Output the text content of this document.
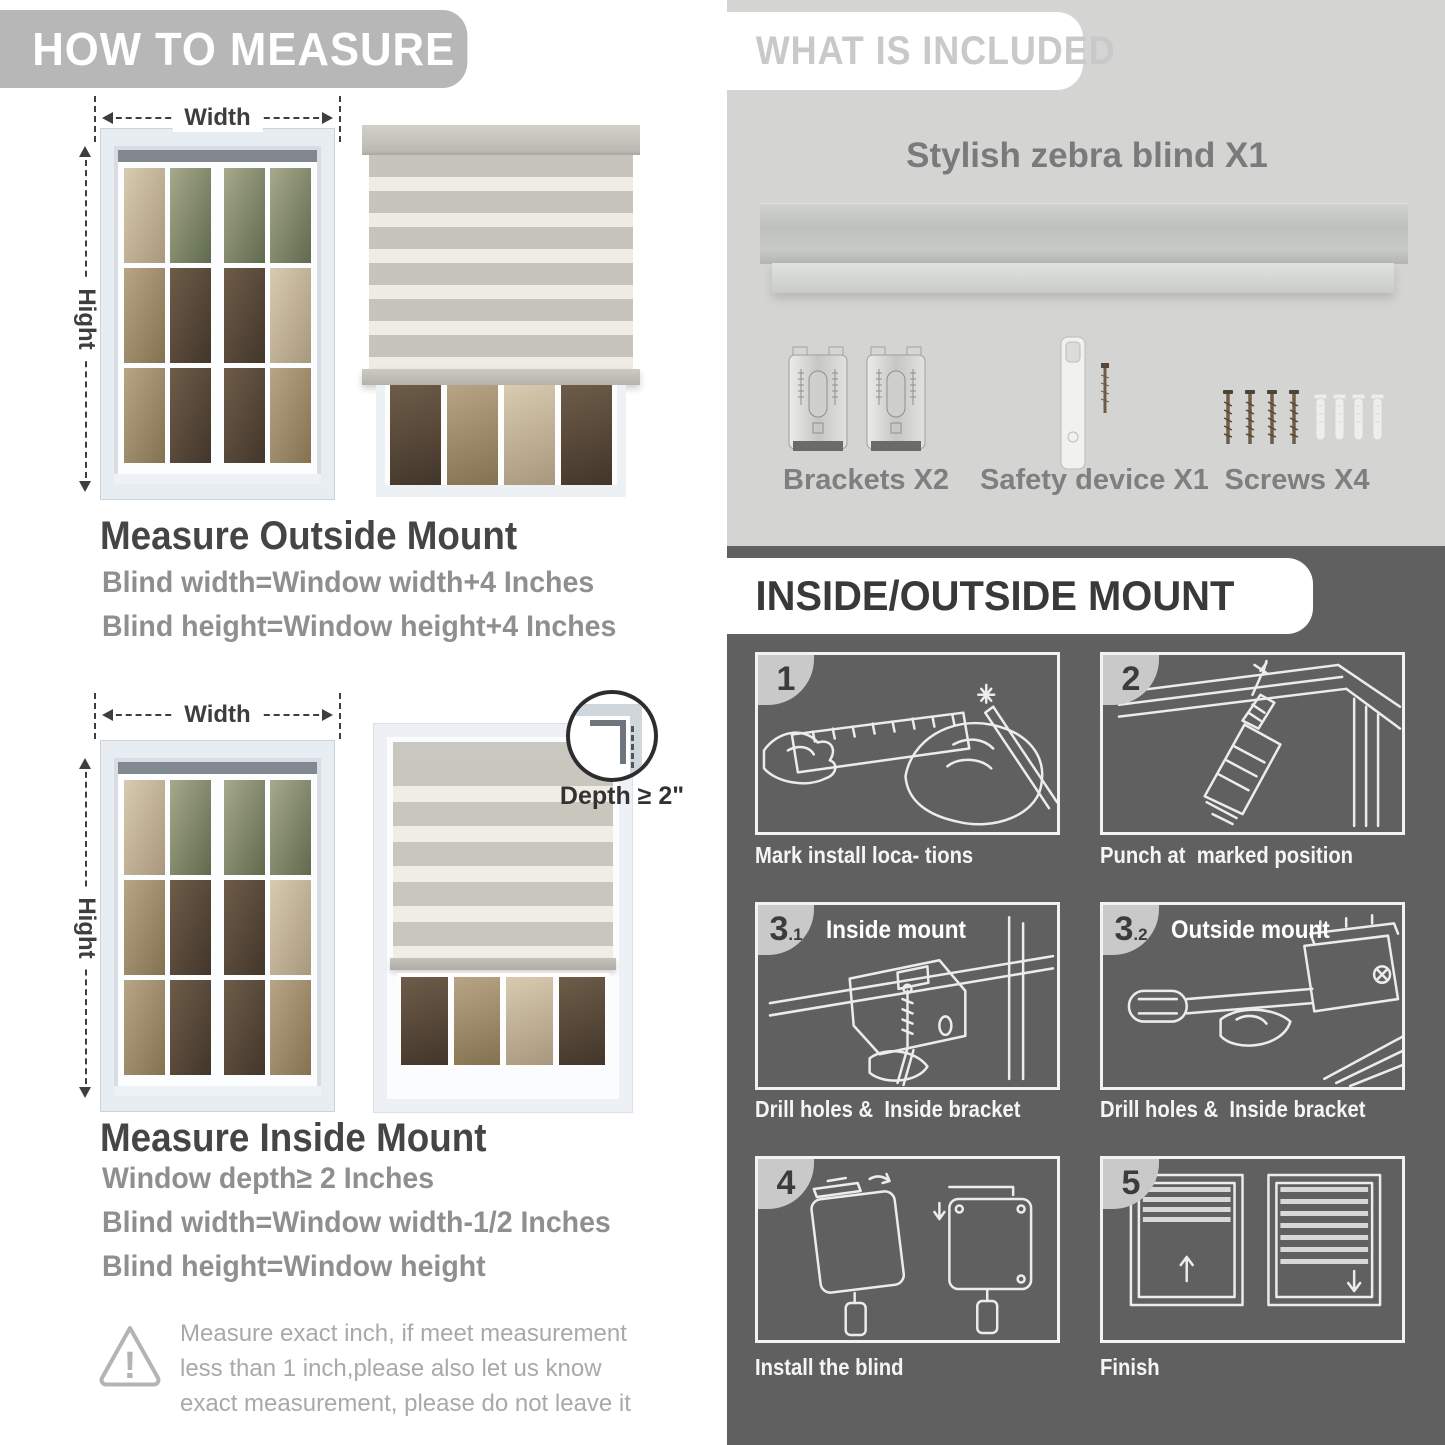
HOW TO MEASURE
Width
Hight
Measure Outside Mount
Blind width=Window width+4 Inches
Blind height=Window height+4 Inches
Width
Hight
Depth ≥ 2"
Measure Inside Mount
Window depth≥ 2 Inches
Blind width=Window width-1/2 Inches
Blind height=Window height
!
Measure exact inch, if meet measurement less than 1 inch,please also let us know exact measurement, please do not leave it
WHAT IS INCLUDED
Stylish zebra blind X1
Brackets X2 Safety device X1 Screws X4
INSIDE/OUTSIDE MOUNT
1	2
Mark install loca- tions	Punch at  marked position
3.1 Inside mount	3.2 Outside mount
Drill holes &  Inside bracket	Drill holes &  Inside bracket
4	5
Install the blind	Finish
